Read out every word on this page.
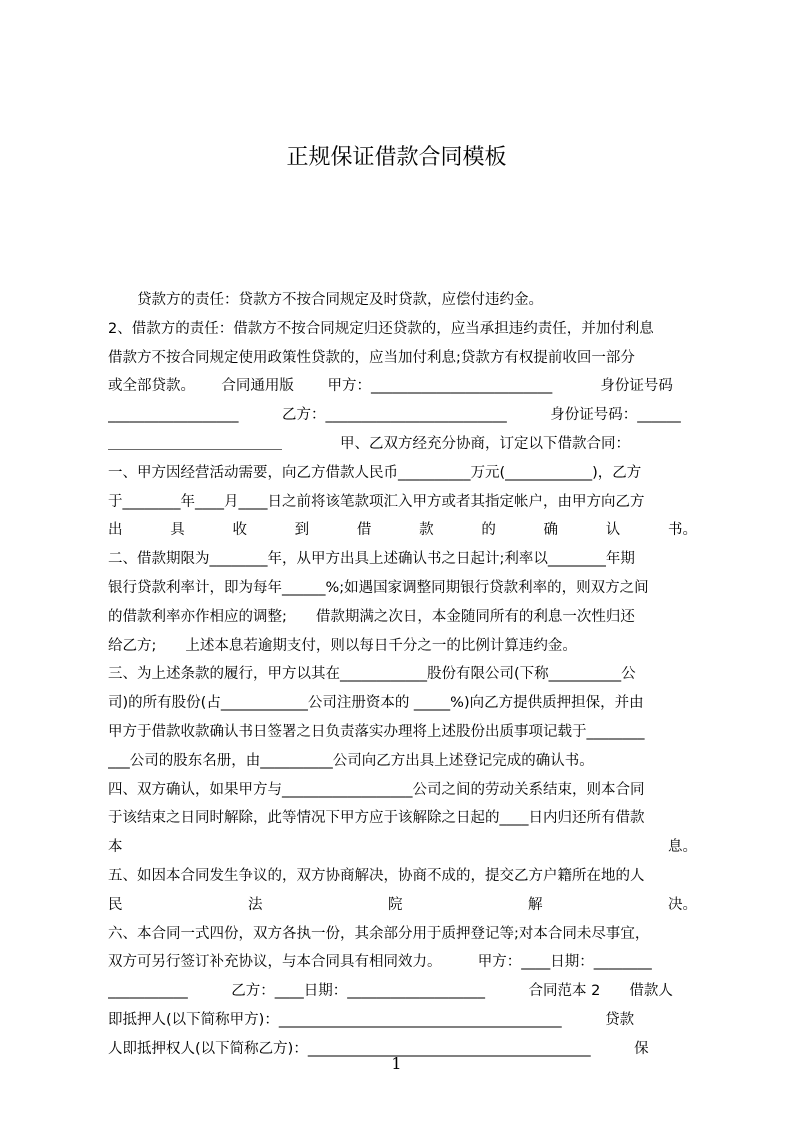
正规保证借款合同模板
　　贷款方的责任：贷款方不按合同规定及时贷款，应偿付违约金。
2、借款方的责任：借款方不按合同规定归还贷款的，应当承担违约责任，并加付利息
借款方不按合同规定使用政策性贷款的，应当加付利息;贷款方有权提前收回一部分
或全部贷款。　　 合同通用版　　 甲方：_________________________　　　 身份证号码
__________________　　　乙方：_________________________　　　身份证号码：______
＿＿＿＿＿＿＿＿＿＿＿＿　　　　甲、乙双方经充分协商，订定以下借款合同：
一、甲方因经营活动需要，向乙方借款人民币__________万元(____________)，乙方
于________年____月____日之前将该笔款项汇入甲方或者其指定帐户，由甲方向乙方
出	具	收	到	借	款	的	确	认	书。
二、借款期限为________年，从甲方出具上述确认书之日起计;利率以________年期
银行贷款利率计，即为每年______%;如遇国家调整同期银行贷款利率的，则双方之间
的借款利率亦作相应的调整;　　借款期满之次日，本金随同所有的利息一次性归还
给乙方;　　上述本息若逾期支付，则以每日千分之一的比例计算违约金。
三、为上述条款的履行，甲方以其在____________股份有限公司(下称__________公
司)的所有股份(占____________公司注册资本的 _____%)向乙方提供质押担保，并由
甲方于借款收款确认书日签署之日负责落实办理将上述股份出质事项记载于________
___公司的股东名册，由__________公司向乙方出具上述登记完成的确认书。
四、双方确认，如果甲方与__________________公司之间的劳动关系结束，则本合同
于该结束之日同时解除，此等情况下甲方应于该解除之日起的____日内归还所有借款
本	息。
五、如因本合同发生争议的，双方协商解决，协商不成的，提交乙方户籍所在地的人
民	法	院	解	决。
六、本合同一式四份，双方各执一份，其余部分用于质押登记等;对本合同未尽事宜，
双方可另行签订补充协议，与本合同具有相同效力。　　　甲方：____日期：________
___________　　　乙方：____日期：___________________　　　合同范本 2　　借款人
即抵押人(以下简称甲方)：_______________________________________　　　贷款
人即抵押权人(以下简称乙方)：_______________________________________　　　保
1
